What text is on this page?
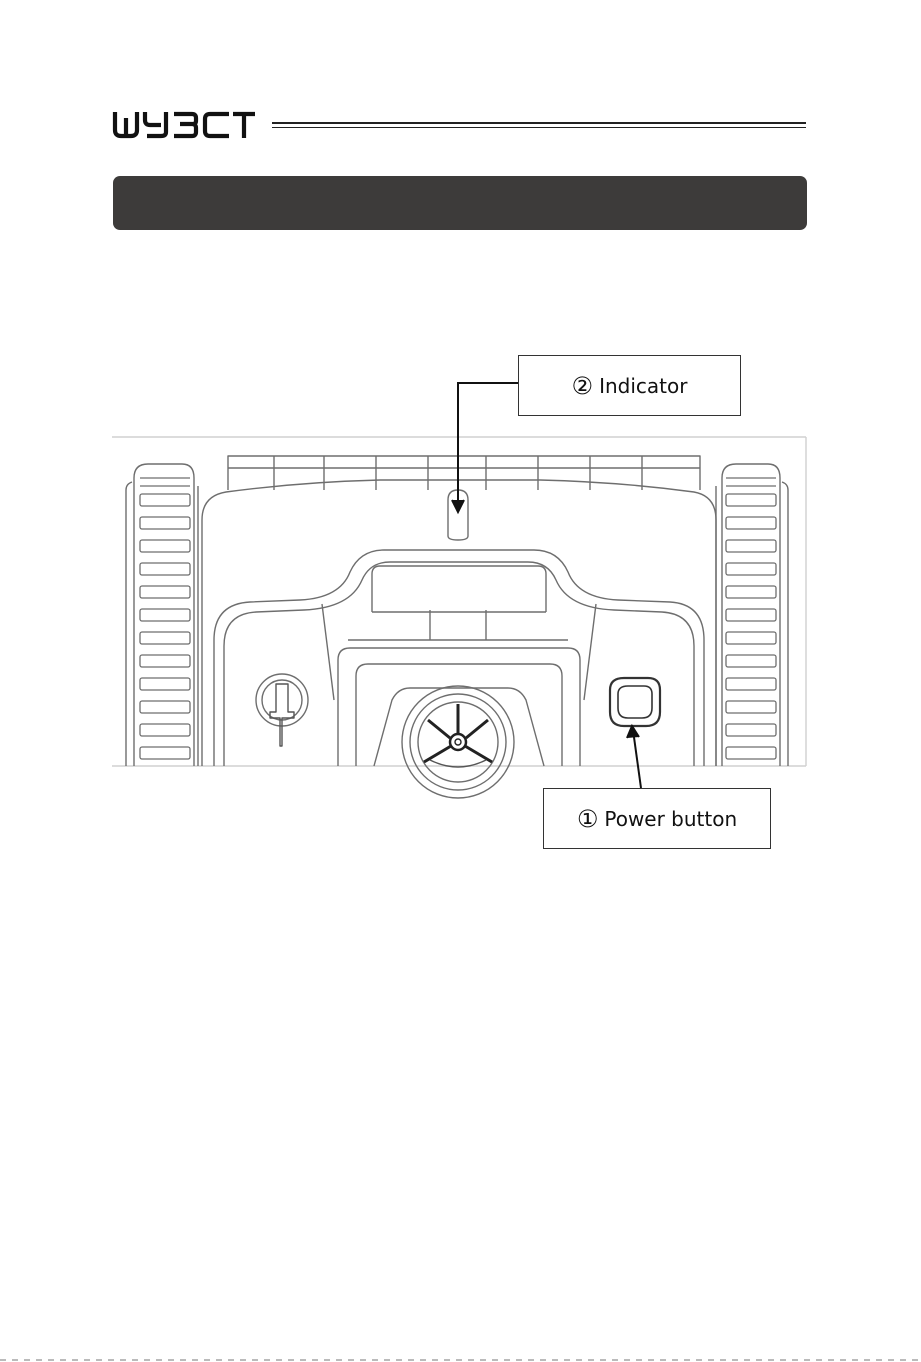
② Indicator
① Power button
